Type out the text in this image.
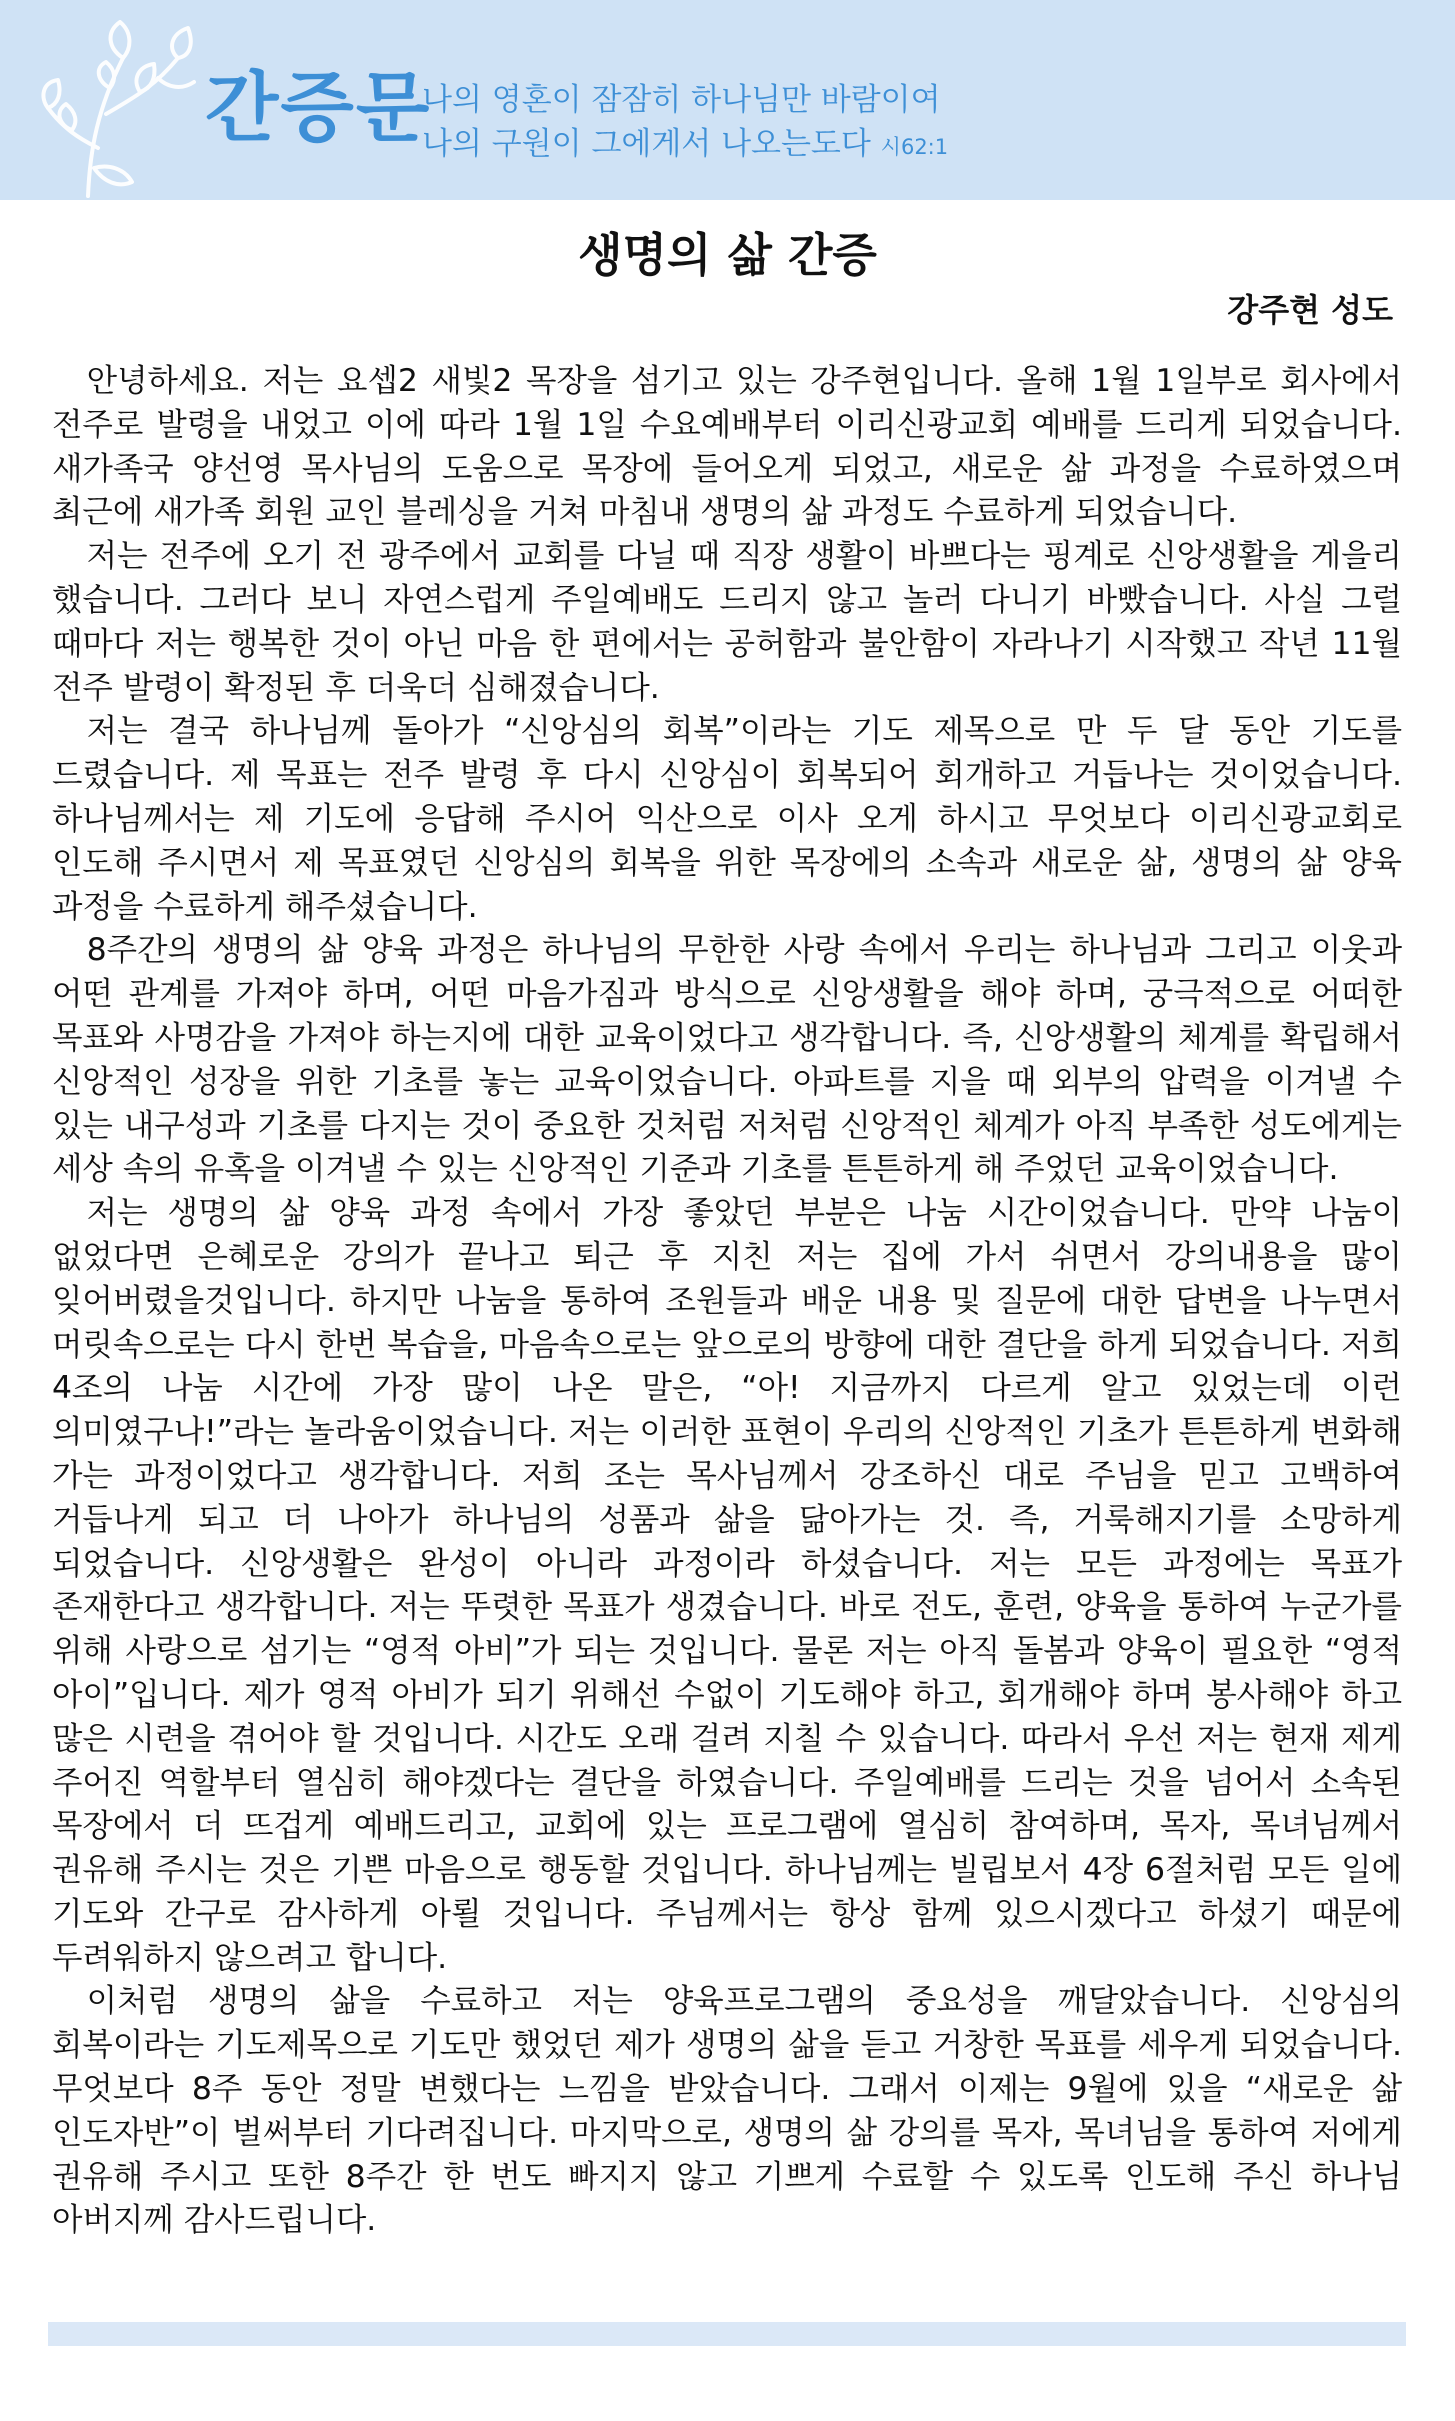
간증문
나의 영혼이 잠잠히 하나님만 바람이여
나의 구원이 그에게서 나오는도다 시62:1
생명의 삶 간증
강주현 성도

안녕하세요. 저는 요셉2 새빛2 목장을 섬기고 있는 강주현입니다. 올해 1월 1일부로 회사에서 전주로 발령을 내었고 이에 따라 1월 1일 수요예배부터 이리신광교회 예배를 드리게 되었습니다. 새가족국 양선영 목사님의 도움으로 목장에 들어오게 되었고, 새로운 삶 과정을 수료하였으며 최근에 새가족 회원 교인 블레싱을 거쳐 마침내 생명의 삶 과정도 수료하게 되었습니다.

저는 전주에 오기 전 광주에서 교회를 다닐 때 직장 생활이 바쁘다는 핑계로 신앙생활을 게을리 했습니다. 그러다 보니 자연스럽게 주일예배도 드리지 않고 놀러 다니기 바빴습니다. 사실 그럴 때마다 저는 행복한 것이 아닌 마음 한 편에서는 공허함과 불안함이 자라나기 시작했고 작년 11월 전주 발령이 확정된 후 더욱더 심해졌습니다.

저는 결국 하나님께 돌아가 “신앙심의 회복”이라는 기도 제목으로 만 두 달 동안 기도를 드렸습니다. 제 목표는 전주 발령 후 다시 신앙심이 회복되어 회개하고 거듭나는 것이었습니다. 하나님께서는 제 기도에 응답해 주시어 익산으로 이사 오게 하시고 무엇보다 이리신광교회로 인도해 주시면서 제 목표였던 신앙심의 회복을 위한 목장에의 소속과 새로운 삶, 생명의 삶 양육 과정을 수료하게 해주셨습니다.

8주간의 생명의 삶 양육 과정은 하나님의 무한한 사랑 속에서 우리는 하나님과 그리고 이웃과 어떤 관계를 가져야 하며, 어떤 마음가짐과 방식으로 신앙생활을 해야 하며, 궁극적으로 어떠한 목표와 사명감을 가져야 하는지에 대한 교육이었다고 생각합니다. 즉, 신앙생활의 체계를 확립해서 신앙적인 성장을 위한 기초를 놓는 교육이었습니다. 아파트를 지을 때 외부의 압력을 이겨낼 수 있는 내구성과 기초를 다지는 것이 중요한 것처럼 저처럼 신앙적인 체계가 아직 부족한 성도에게는 세상 속의 유혹을 이겨낼 수 있는 신앙적인 기준과 기초를 튼튼하게 해 주었던 교육이었습니다.

저는 생명의 삶 양육 과정 속에서 가장 좋았던 부분은 나눔 시간이었습니다. 만약 나눔이 없었다면 은혜로운 강의가 끝나고 퇴근 후 지친 저는 집에 가서 쉬면서 강의내용을 많이 잊어버렸을것입니다. 하지만 나눔을 통하여 조원들과 배운 내용 및 질문에 대한 답변을 나누면서 머릿속으로는 다시 한번 복습을, 마음속으로는 앞으로의 방향에 대한 결단을 하게 되었습니다. 저희 4조의 나눔 시간에 가장 많이 나온 말은, “아! 지금까지 다르게 알고 있었는데 이런 의미였구나!”라는 놀라움이었습니다. 저는 이러한 표현이 우리의 신앙적인 기초가 튼튼하게 변화해 가는 과정이었다고 생각합니다. 저희 조는 목사님께서 강조하신 대로 주님을 믿고 고백하여 거듭나게 되고 더 나아가 하나님의 성품과 삶을 닮아가는 것. 즉, 거룩해지기를 소망하게 되었습니다. 신앙생활은 완성이 아니라 과정이라 하셨습니다. 저는 모든 과정에는 목표가 존재한다고 생각합니다. 저는 뚜렷한 목표가 생겼습니다. 바로 전도, 훈련, 양육을 통하여 누군가를 위해 사랑으로 섬기는 “영적 아비”가 되는 것입니다. 물론 저는 아직 돌봄과 양육이 필요한 “영적 아이”입니다. 제가 영적 아비가 되기 위해선 수없이 기도해야 하고, 회개해야 하며 봉사해야 하고 많은 시련을 겪어야 할 것입니다. 시간도 오래 걸려 지칠 수 있습니다. 따라서 우선 저는 현재 제게 주어진 역할부터 열심히 해야겠다는 결단을 하였습니다. 주일예배를 드리는 것을 넘어서 소속된 목장에서 더 뜨겁게 예배드리고, 교회에 있는 프로그램에 열심히 참여하며, 목자, 목녀님께서 권유해 주시는 것은 기쁜 마음으로 행동할 것입니다. 하나님께는 빌립보서 4장 6절처럼 모든 일에 기도와 간구로 감사하게 아뢸 것입니다. 주님께서는 항상 함께 있으시겠다고 하셨기 때문에 두려워하지 않으려고 합니다.

이처럼 생명의 삶을 수료하고 저는 양육프로그램의 중요성을 깨달았습니다. 신앙심의 회복이라는 기도제목으로 기도만 했었던 제가 생명의 삶을 듣고 거창한 목표를 세우게 되었습니다. 무엇보다 8주 동안 정말 변했다는 느낌을 받았습니다. 그래서 이제는 9월에 있을 “새로운 삶 인도자반”이 벌써부터 기다려집니다. 마지막으로, 생명의 삶 강의를 목자, 목녀님을 통하여 저에게 권유해 주시고 또한 8주간 한 번도 빠지지 않고 기쁘게 수료할 수 있도록 인도해 주신 하나님 아버지께 감사드립니다.
